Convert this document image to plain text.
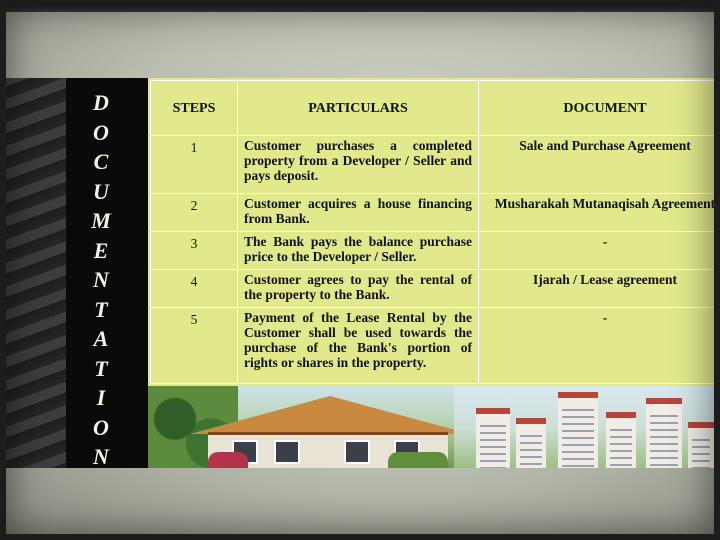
D
O
C
U
M
E
N
T
A
T
I
O
N
STEPS	PARTICULARS	DOCUMENT

1	Customer purchases a completed property from a Developer / Seller and pays deposit.	Sale and Purchase Agreement

2	Customer acquires a house financing from Bank.	Musharakah Mutanaqisah Agreement

3	The Bank pays the balance purchase price to the Developer / Seller.	-

4	Customer agrees to pay the rental of the property to the Bank.	Ijarah / Lease agreement

5	Payment of the Lease Rental by the Customer shall be used towards the purchase of the Bank's portion of rights or shares in the property.	-
